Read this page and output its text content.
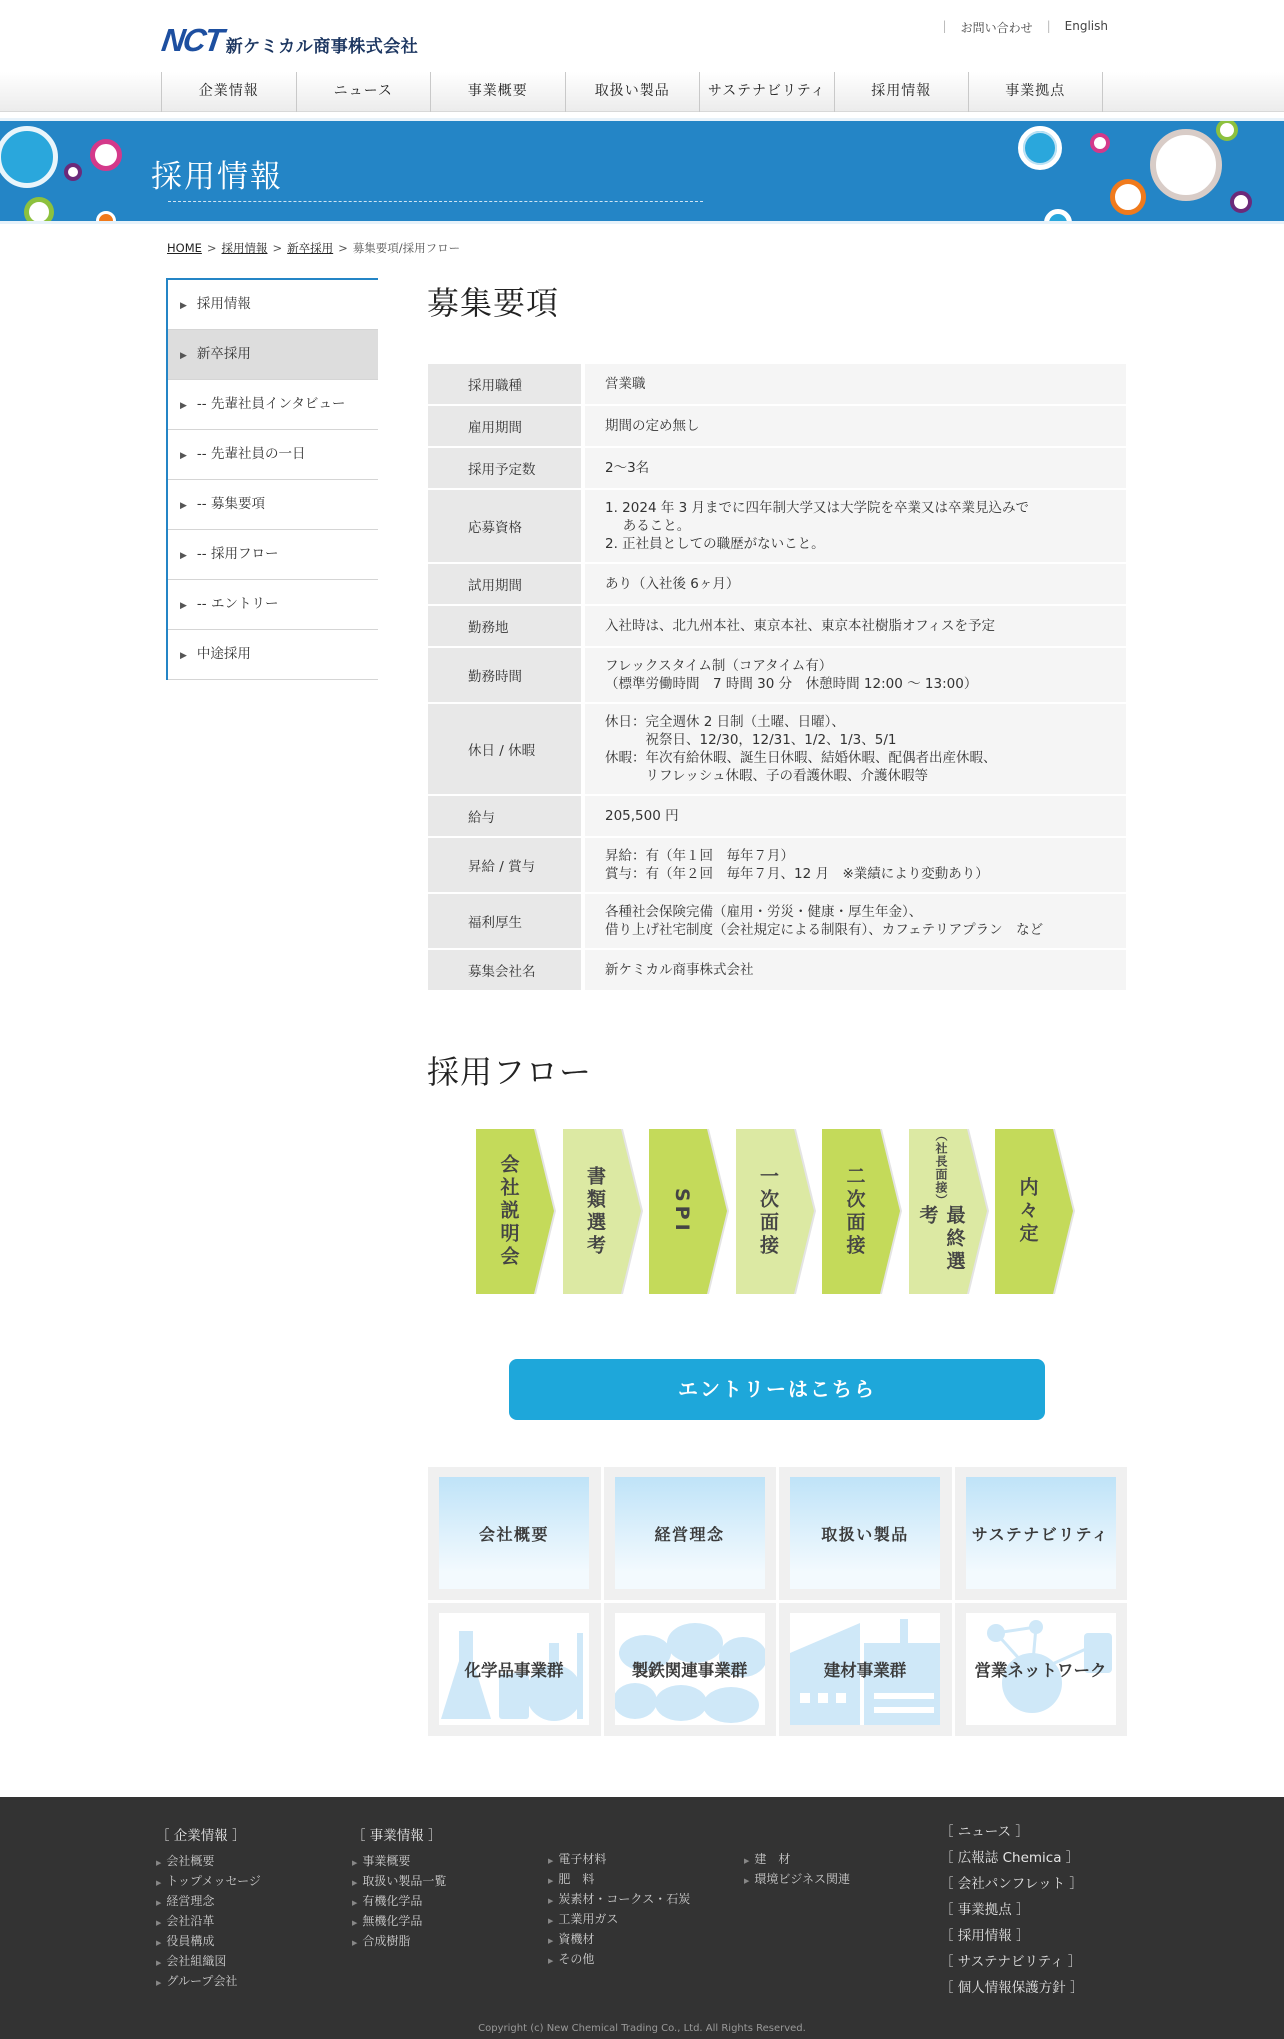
NCT 新ケミカル商事株式会社
| お問い合わせ | English
企業情報	ニュース	事業概要	取扱い製品	サステナビリティ	採用情報	事業拠点
採用情報
HOME > 採用情報 > 新卒採用 > 募集要項/採用フロー
▶ 採用情報
▶ 新卒採用
▶ -- 先輩社員インタビュー
▶ -- 先輩社員の一日
▶ -- 募集要項
▶ -- 採用フロー
▶ -- エントリー
▶ 中途採用
募集要項
採用職種	営業職

雇用期間	期間の定め無し

採用予定数	2～3名

応募資格	1. 2024 年 3 月までに四年制大学又は大学院を卒業又は卒業見込みで
　 あること。
2. 正社員としての職歴がないこと。

試用期間	あり（入社後 6ヶ月）

勤務地	入社時は、北九州本社、東京本社、東京本社樹脂オフィスを予定

勤務時間	フレックスタイム制（コアタイム有）
（標準労働時間　7 時間 30 分　休憩時間 12:00 ～ 13:00）

休日 / 休暇	休日：完全週休 2 日制（土曜、日曜）、
　　　祝祭日、12/30，12/31、1/2、1/3、5/1
休暇：年次有給休暇、誕生日休暇、結婚休暇、配偶者出産休暇、
　　　リフレッシュ休暇、子の看護休暇、介護休暇等

給与	205,500 円

昇給 / 賞与	昇給：有（年１回　毎年７月）
賞与：有（年２回　毎年７月、12 月　※業績により変動あり）

福利厚生	各種社会保険完備（雇用・労災・健康・厚生年金）、
借り上げ社宅制度（会社規定による制限有）、カフェテリアプラン　など

募集会社名	新ケミカル商事株式会社
採用フロー
会社説明会	書類選考	SPI	一次面接	二次面接	（社長面接）
最終選考	内々定
エントリーはこちら
会社概要	経営理念	取扱い製品	サステナビリティ
化学品事業群	製鉄関連事業群	建材事業群	営業ネットワーク
［ 企業情報 ］
▶ 会社概要
▶ トップメッセージ
▶ 経営理念
▶ 会社沿革
▶ 役員構成
▶ 会社組織図
▶ グループ会社
［ 事業情報 ］
▶ 事業概要
▶ 取扱い製品一覧
▶ 有機化学品
▶ 無機化学品
▶ 合成樹脂
▶ 電子材料
▶ 肥　料
▶ 炭素材・コークス・石炭
▶ 工業用ガス
▶ 資機材
▶ その他
▶ 建　材
▶ 環境ビジネス関連
［ ニュース ］
［ 広報誌 Chemica ］
［ 会社パンフレット ］
［ 事業拠点 ］
［ 採用情報 ］
［ サステナビリティ ］
［ 個人情報保護方針 ］
Copyright (c) New Chemical Trading Co., Ltd. All Rights Reserved.
